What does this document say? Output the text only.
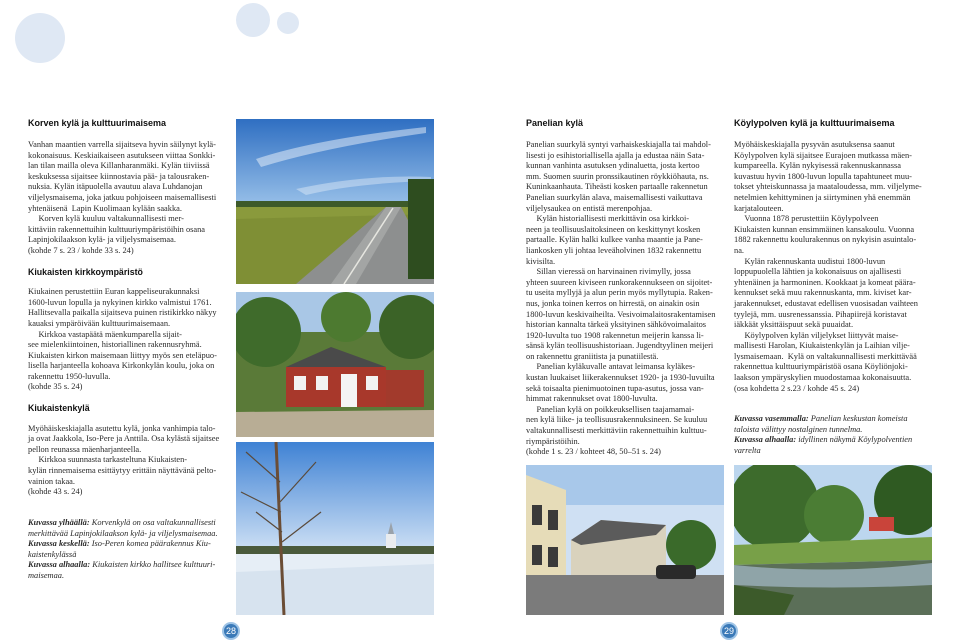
Korven kylä ja kulttuurimaisema

Vanhan maantien varrella sijaitseva hyvin säilynyt kylä-

kokonaisuus. Keskiaikaiseen asutukseen viittaa Sonkki-

lan tilan mailla oleva Killanharanmäki. Kylän tiiviissä

keskuksessa sijaitsee kiinnostavia pää- ja talousraken-

nuksia. Kylän itäpuolella avautuu alava Luhdanojan

viljelysmaisema, joka jatkuu pohjoiseen maisemallisesti

yhtenäisenä  Lapin Kuolimaan kylään saakka.

Korven kylä kuuluu valtakunnallisesti mer-

kittäviin rakennettuihin kulttuuriympäristöihin osana

Lapinjokilaakson kylä- ja viljelysmaisemaa.

(kohde 7 s. 23 / kohde 33 s. 24)

Kiukaisten kirkkoympäristö

Kiukainen perustettiin Euran kappeliseurakunnaksi

1600-luvun lopulla ja nykyinen kirkko valmistui 1761.

Hallitsevalla paikalla sijaitseva puinen ristikirkko näkyy

kauaksi ympäröivään kulttuurimaisemaan.

Kirkkoa vastapäätä mäenkumparella sijait-

see mielenkiintoinen, historiallinen rakennusryhmä.

Kiukaisten kirkon maisemaan liittyy myös sen eteläpuo-

lisella harjanteella kohoava Kirkonkylän koulu, joka on

rakennettu 1950-luvulla.

(kohde 35 s. 24)

Kiukaistenkylä

Myöhäiskeskiajalla asutettu kylä, jonka vanhimpia talo-

ja ovat Jaakkola, Iso-Pere ja Anttila. Osa kylästä sijaitsee

pellon reunassa mäenharjanteella.

Kirkkoa suunnasta tarkasteltuna Kiukaisten-

kylän rinnemaisema esittäytyy erittäin näyttävänä pelto-

vainion takaa.

(kohde 43 s. 24)

Kuvassa ylhäällä: Korvenkylä on osa valtakunnallisesti
merkittävää Lapinjokilaakson kylä- ja viljelysmaisemaa.
Kuvassa keskellä: Iso-Peren komea päärakennus Kiu-
kaistenkylässä
Kuvassa alhaalla: Kiukaisten kirkko hallitsee kulttuuri-
maisemaa.
28
Panelian kylä

Panelian suurkylä syntyi varhaiskeskiajalla tai mahdol-

lisesti jo esihistoriallisella ajalla ja edustaa näin Sata-

kunnan vanhinta asutuksen ydinaluetta, josta kertoo

mm. Suomen suurin pronssikautinen röykkiöhauta, ns.

Kuninkaanhauta. Tiheästi kosken partaalle rakennetun

Panelian suurkylän alava, maisemallisesti vaikuttava

viljelysaukea on entistä merenpohjaa.

Kylän historiallisesti merkittävin osa kirkkoi-

neen ja teollisuuslaitoksineen on keskittynyt kosken

partaalle. Kylän halki kulkee vanha maantie ja Pane-

liankosken yli johtaa leveäholvinen 1832 rakennettu

kivisilta.

Sillan vieressä on harvinainen rivimylly, jossa

yhteen suureen kiviseen runkorakennukseen on sijoitet-

tu useita myllyjä ja alun perin myös myllytupia. Raken-

nus, jonka toinen kerros on hirrestä, on ainakin osin

1800-luvun keskivaiheilta. Vesivoimalaitosrakentamisen

historian kannalta tärkeä yksityinen sähkövoimalaitos

1920-luvulta tuo 1908 rakennetun meijerin kanssa li-

sänsä kylän teollisuushistoriaan. Jugendtyylinen meijeri

on rakennettu graniitista ja punatiilestä.

Panelian kyläkuvalle antavat leimansa kyläkes-

kustan luukaiset liikerakennukset 1920- ja 1930-luvuilta

sekä toisaalta pienimuotoinen tupa-asutus, jossa van-

himmat rakennukset ovat 1800-luvulta.

Panelian kylä on poikkeuksellisen taajamamai-

nen kylä liike- ja teollisuusrakennuksineen. Se kuuluu

valtakunnallisesti merkittäviin rakennettuihin kulttuu-

riympäristöihin.

(kohde 1 s. 23 / kohteet 48, 50–51 s. 24)

Köylypolven kylä ja kulttuurimaisema

Myöhäiskeskiajalla pysyvän asutuksensa saanut

Köylypolven kylä sijaitsee Eurajoen mutkassa mäen-

kumpareella. Kylän nykyisessä rakennuskannassa

kuvastuu hyvin 1800-luvun lopulla tapahtuneet muu-

tokset yhteiskunnassa ja maataloudessa, mm. viljelyme-

netelmien kehittyminen ja siirtyminen yhä enemmän

karjatalouteen.

Vuonna 1878 perustettiin Köylypolveen

Kiukaisten kunnan ensimmäinen kansakoulu. Vuonna

1882 rakennettu koulurakennus on nykyisin asuintalo-

na.

Kylän rakennuskanta uudistui 1800-luvun

loppupuolella lähtien ja kokonaisuus on ajallisesti

yhtenäinen ja harmoninen. Kookkaat ja komeat päära-

kennukset sekä muu rakennuskanta, mm. kiviset kar-

jarakennukset, edustavat edellisen vuosisadan vaihteen

tyylejä, mm. uusrenessanssia. Pihapiirejä koristavat

iäkkäät yksittäispuut sekä puuaidat.

Köylypolven kylän viljelykset liittyvät maise-

mallisesti Harolan, Kiukaistenkylän ja Laihian vilje-

lysmaisemaan.  Kylä on valtakunnallisesti merkittävää

rakennettua kulttuuriympäristöä osana Köyliönjoki-

laakson ympäryskylien muodostamaa kokonaisuutta.

(osa kohdetta 2 s.23 / kohde 45 s. 24)

Kuvassa vasemmalla: Panelian keskustan komeista
taloista välittyy nostalginen tunnelma.
Kuvassa alhaalla: idyllinen näkymä Köylypolventien
varrelta
29
